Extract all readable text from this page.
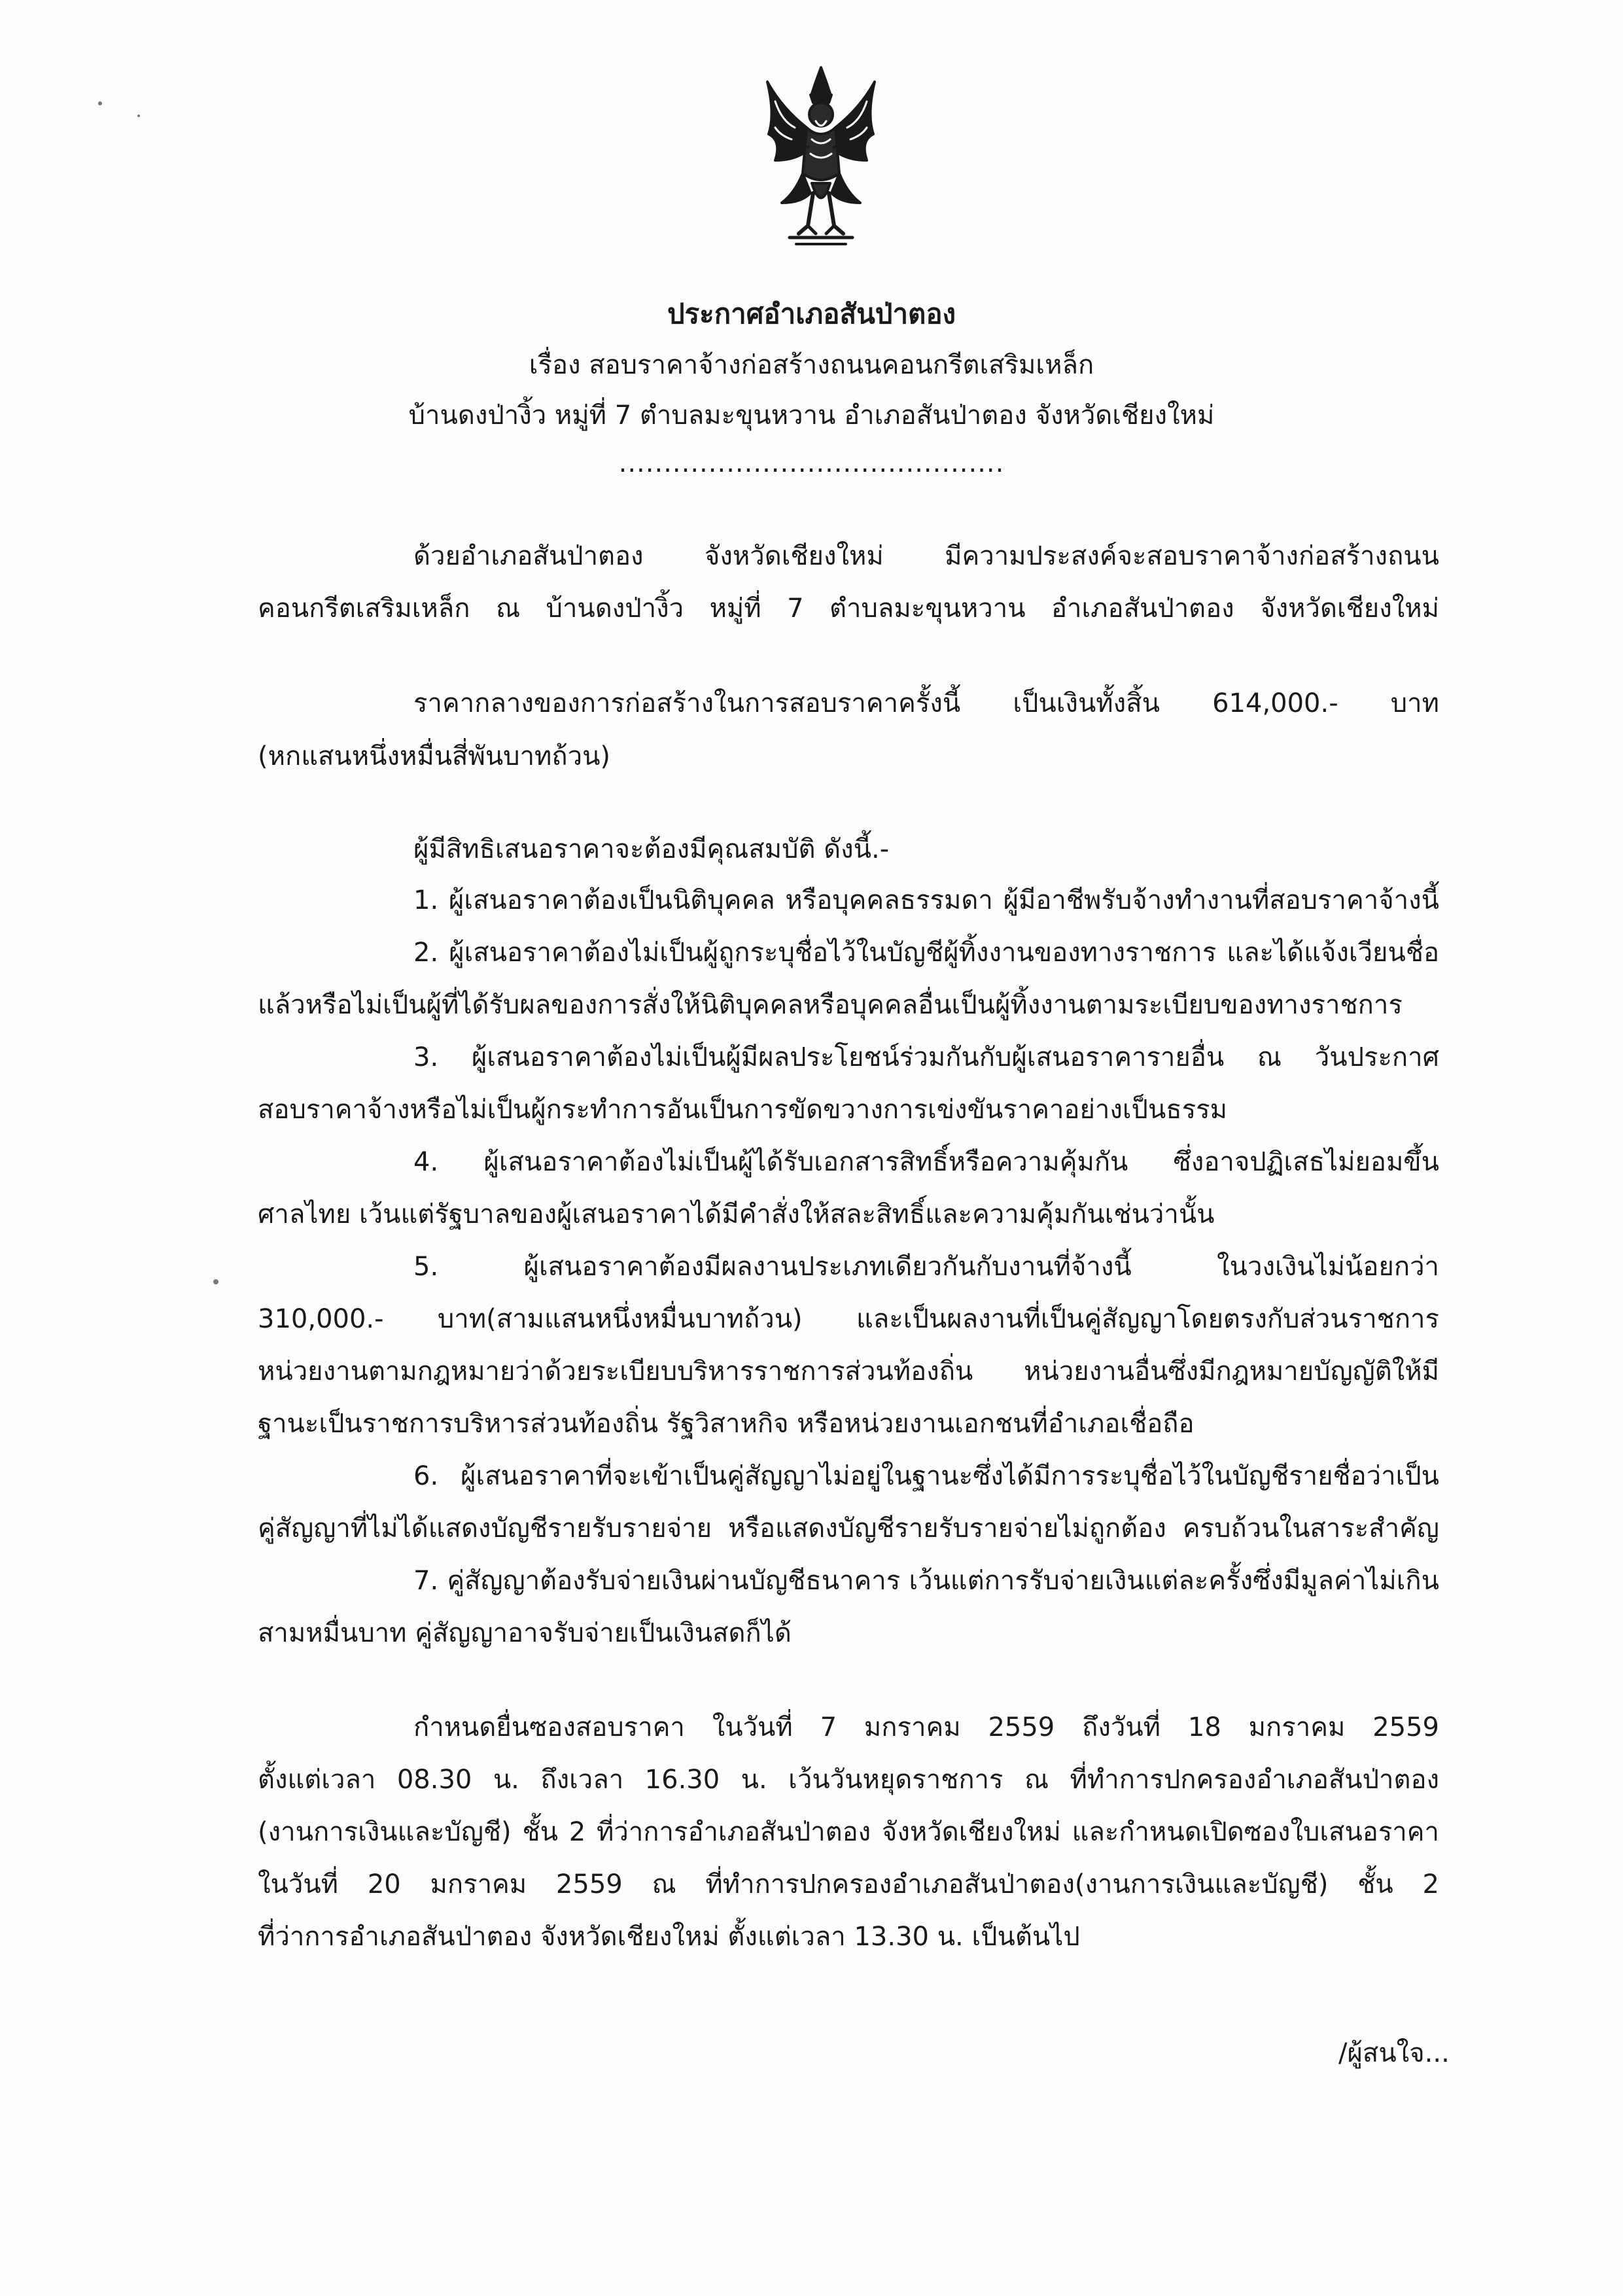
ประกาศอำเภอสันป่าตอง
เรื่อง สอบราคาจ้างก่อสร้างถนนคอนกรีตเสริมเหล็ก
บ้านดงป่างิ้ว หมู่ที่ 7 ตำบลมะขุนหวาน อำเภอสันป่าตอง จังหวัดเชียงใหม่
...........................................
ด้วยอำเภอสันป่าตอง จังหวัดเชียงใหม่ มีความประสงค์จะสอบราคาจ้างก่อสร้างถนน
คอนกรีตเสริมเหล็ก ณ บ้านดงป่างิ้ว หมู่ที่ 7 ตำบลมะขุนหวาน อำเภอสันป่าตอง จังหวัดเชียงใหม่
ราคากลางของการก่อสร้างในการสอบราคาครั้งนี้ เป็นเงินทั้งสิ้น 614,000.- บาท
(หกแสนหนึ่งหมื่นสี่พันบาทถ้วน)
ผู้มีสิทธิเสนอราคาจะต้องมีคุณสมบัติ ดังนี้.-
1. ผู้เสนอราคาต้องเป็นนิติบุคคล หรือบุคคลธรรมดา ผู้มีอาชีพรับจ้างทำงานที่สอบราคาจ้างนี้
2. ผู้เสนอราคาต้องไม่เป็นผู้ถูกระบุชื่อไว้ในบัญชีผู้ทิ้งงานของทางราชการ และได้แจ้งเวียนชื่อ
แล้วหรือไม่เป็นผู้ที่ได้รับผลของการสั่งให้นิติบุคคลหรือบุคคลอื่นเป็นผู้ทิ้งงานตามระเบียบของทางราชการ
3. ผู้เสนอราคาต้องไม่เป็นผู้มีผลประโยชน์ร่วมกันกับผู้เสนอราคารายอื่น ณ วันประกาศ
สอบราคาจ้างหรือไม่เป็นผู้กระทำการอันเป็นการขัดขวางการเข่งขันราคาอย่างเป็นธรรม
4. ผู้เสนอราคาต้องไม่เป็นผู้ได้รับเอกสารสิทธิ์หรือความคุ้มกัน ซึ่งอาจปฏิเสธไม่ยอมขึ้น
ศาลไทย เว้นแต่รัฐบาลของผู้เสนอราคาได้มีคำสั่งให้สละสิทธิ์และความคุ้มกันเช่นว่านั้น
5. ผู้เสนอราคาต้องมีผลงานประเภทเดียวกันกับงานที่จ้างนี้ ในวงเงินไม่น้อยกว่า
310,000.- บาท(สามแสนหนึ่งหมื่นบาทถ้วน) และเป็นผลงานที่เป็นคู่สัญญาโดยตรงกับส่วนราชการ
หน่วยงานตามกฎหมายว่าด้วยระเบียบบริหารราชการส่วนท้องถิ่น หน่วยงานอื่นซึ่งมีกฎหมายบัญญัติให้มี
ฐานะเป็นราชการบริหารส่วนท้องถิ่น รัฐวิสาหกิจ หรือหน่วยงานเอกชนที่อำเภอเชื่อถือ
6. ผู้เสนอราคาที่จะเข้าเป็นคู่สัญญาไม่อยู่ในฐานะซึ่งได้มีการระบุชื่อไว้ในบัญชีรายชื่อว่าเป็น
คู่สัญญาที่ไม่ได้แสดงบัญชีรายรับรายจ่าย หรือแสดงบัญชีรายรับรายจ่ายไม่ถูกต้อง ครบถ้วนในสาระสำคัญ
7. คู่สัญญาต้องรับจ่ายเงินผ่านบัญชีธนาคาร เว้นแต่การรับจ่ายเงินแต่ละครั้งซึ่งมีมูลค่าไม่เกิน
สามหมื่นบาท คู่สัญญาอาจรับจ่ายเป็นเงินสดก็ได้
กำหนดยื่นซองสอบราคา ในวันที่ 7 มกราคม 2559 ถึงวันที่ 18 มกราคม 2559
ตั้งแต่เวลา 08.30 น. ถึงเวลา 16.30 น. เว้นวันหยุดราชการ ณ ที่ทำการปกครองอำเภอสันป่าตอง
(งานการเงินและบัญชี) ชั้น 2 ที่ว่าการอำเภอสันป่าตอง จังหวัดเชียงใหม่ และกำหนดเปิดซองใบเสนอราคา
ในวันที่ 20 มกราคม 2559 ณ ที่ทำการปกครองอำเภอสันป่าตอง(งานการเงินและบัญชี) ชั้น 2
ที่ว่าการอำเภอสันป่าตอง จังหวัดเชียงใหม่ ตั้งแต่เวลา 13.30 น. เป็นต้นไป
/ผู้สนใจ...
